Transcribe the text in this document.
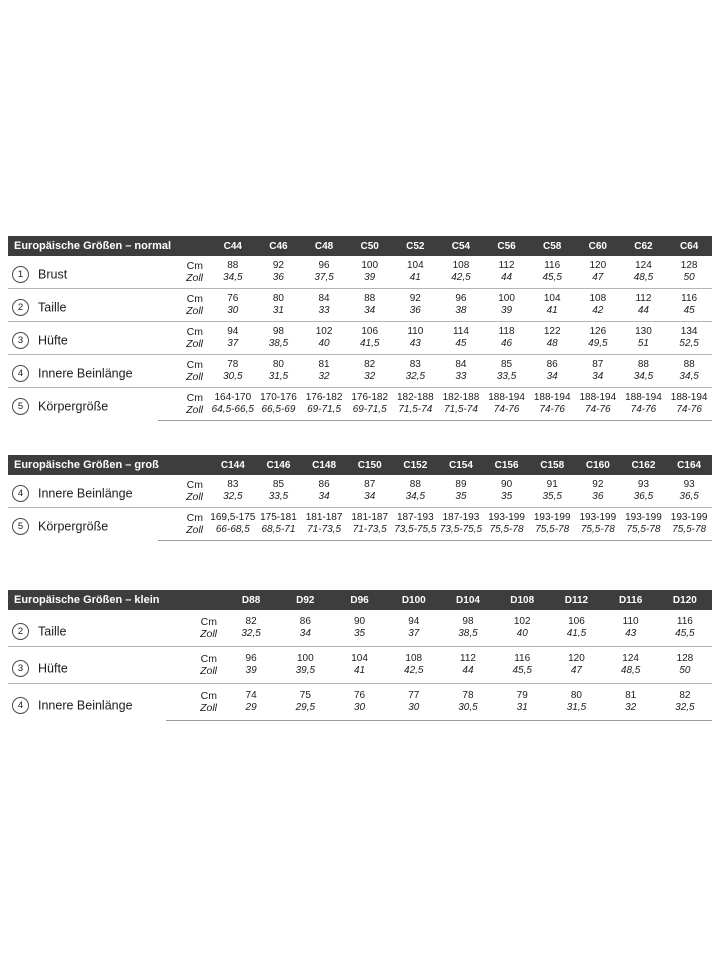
Europäische Größen – normal		C44	C46	C48	C50	C52	C54	C56	C58	C60	C62	C64
1 Brust	Cm	88	92	96	100	104	108	112	116	120	124	128
	Zoll	34,5	36	37,5	39	41	42,5	44	45,5	47	48,5	50
2 Taille	Cm	76	80	84	88	92	96	100	104	108	112	116
	Zoll	30	31	33	34	36	38	39	41	42	44	45
3 Hüfte	Cm	94	98	102	106	110	114	118	122	126	130	134
	Zoll	37	38,5	40	41,5	43	45	46	48	49,5	51	52,5
4 Innere Beinlänge	Cm	78	80	81	82	83	84	85	86	87	88	88
	Zoll	30,5	31,5	32	32	32,5	33	33,5	34	34	34,5	34,5
5 Körpergröße	Cm	164-170	170-176	176-182	176-182	182-188	182-188	188-194	188-194	188-194	188-194	188-194
	Zoll	64,5-66,5	66,5-69	69-71,5	69-71,5	71,5-74	71,5-74	74-76	74-76	74-76	74-76	74-76
Europäische Größen – groß		C144	C146	C148	C150	C152	C154	C156	C158	C160	C162	C164
4 Innere Beinlänge	Cm	83	85	86	87	88	89	90	91	92	93	93
	Zoll	32,5	33,5	34	34	34,5	35	35	35,5	36	36,5	36,5
5 Körpergröße	Cm	169,5-175	175-181	181-187	181-187	187-193	187-193	193-199	193-199	193-199	193-199	193-199
	Zoll	66-68,5	68,5-71	71-73,5	71-73,5	73,5-75,5	73,5-75,5	75,5-78	75,5-78	75,5-78	75,5-78	75,5-78
Europäische Größen – klein		D88	D92	D96	D100	D104	D108	D112	D116	D120
2 Taille	Cm	82	86	90	94	98	102	106	110	116
	Zoll	32,5	34	35	37	38,5	40	41,5	43	45,5
3 Hüfte	Cm	96	100	104	108	112	116	120	124	128
	Zoll	39	39,5	41	42,5	44	45,5	47	48,5	50
4 Innere Beinlänge	Cm	74	75	76	77	78	79	80	81	82
	Zoll	29	29,5	30	30	30,5	31	31,5	32	32,5
